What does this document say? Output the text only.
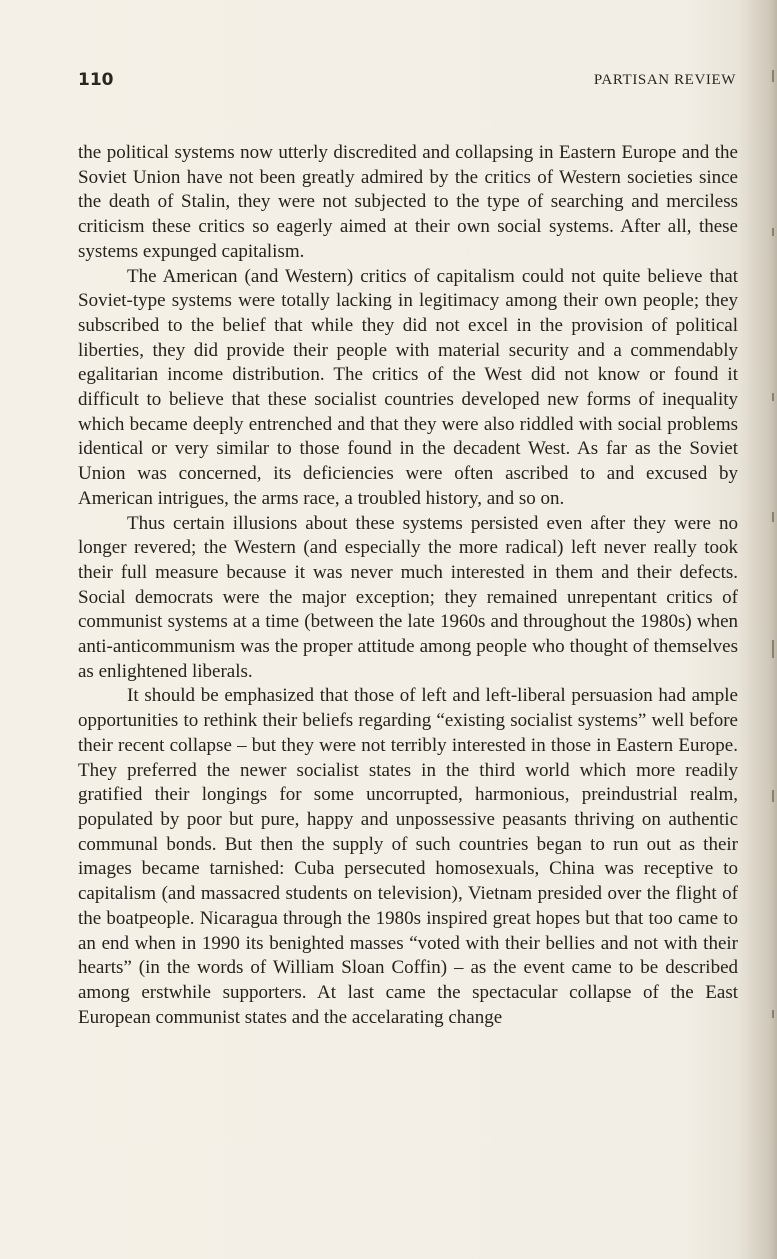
110	PARTISAN REVIEW

the political systems now utterly discredited and collapsing in Eastern Europe and the Soviet Union have not been greatly admired by the critics of Western societies since the death of Stalin, they were not subjected to the type of searching and merciless criticism these critics so eagerly aimed at their own social systems. After all, these systems expunged capitalism.

The American (and Western) critics of capitalism could not quite believe that Soviet-type systems were totally lacking in legitimacy among their own people; they subscribed to the belief that while they did not excel in the provision of political liberties, they did provide their people with material security and a commendably egalitarian income distribution. The critics of the West did not know or found it difficult to believe that these socialist countries developed new forms of inequality which became deeply entrenched and that they were also riddled with social problems identical or very similar to those found in the decadent West. As far as the Soviet Union was concerned, its deficiencies were often ascribed to and excused by American intrigues, the arms race, a troubled history, and so on.

Thus certain illusions about these systems persisted even after they were no longer revered; the Western (and especially the more radical) left never really took their full measure because it was never much interested in them and their defects. Social democrats were the major exception; they remained unrepentant critics of communist systems at a time (between the late 1960s and throughout the 1980s) when anti-anticommunism was the proper attitude among people who thought of themselves as enlightened liberals.

It should be emphasized that those of left and left-liberal persuasion had ample opportunities to rethink their beliefs regarding “existing socialist systems” well before their recent collapse – but they were not terribly interested in those in Eastern Europe. They preferred the newer socialist states in the third world which more readily gratified their longings for some uncorrupted, harmonious, preindustrial realm, populated by poor but pure, happy and unpossessive peasants thriving on authentic communal bonds. But then the supply of such countries began to run out as their images became tarnished: Cuba persecuted homosexuals, China was receptive to capitalism (and massacred students on television), Vietnam presided over the flight of the boatpeople. Nicaragua through the 1980s inspired great hopes but that too came to an end when in 1990 its benighted masses “voted with their bellies and not with their hearts” (in the words of William Sloan Coffin) – as the event came to be described among erstwhile supporters. At last came the spectacular collapse of the East European communist states and the accelarating change
